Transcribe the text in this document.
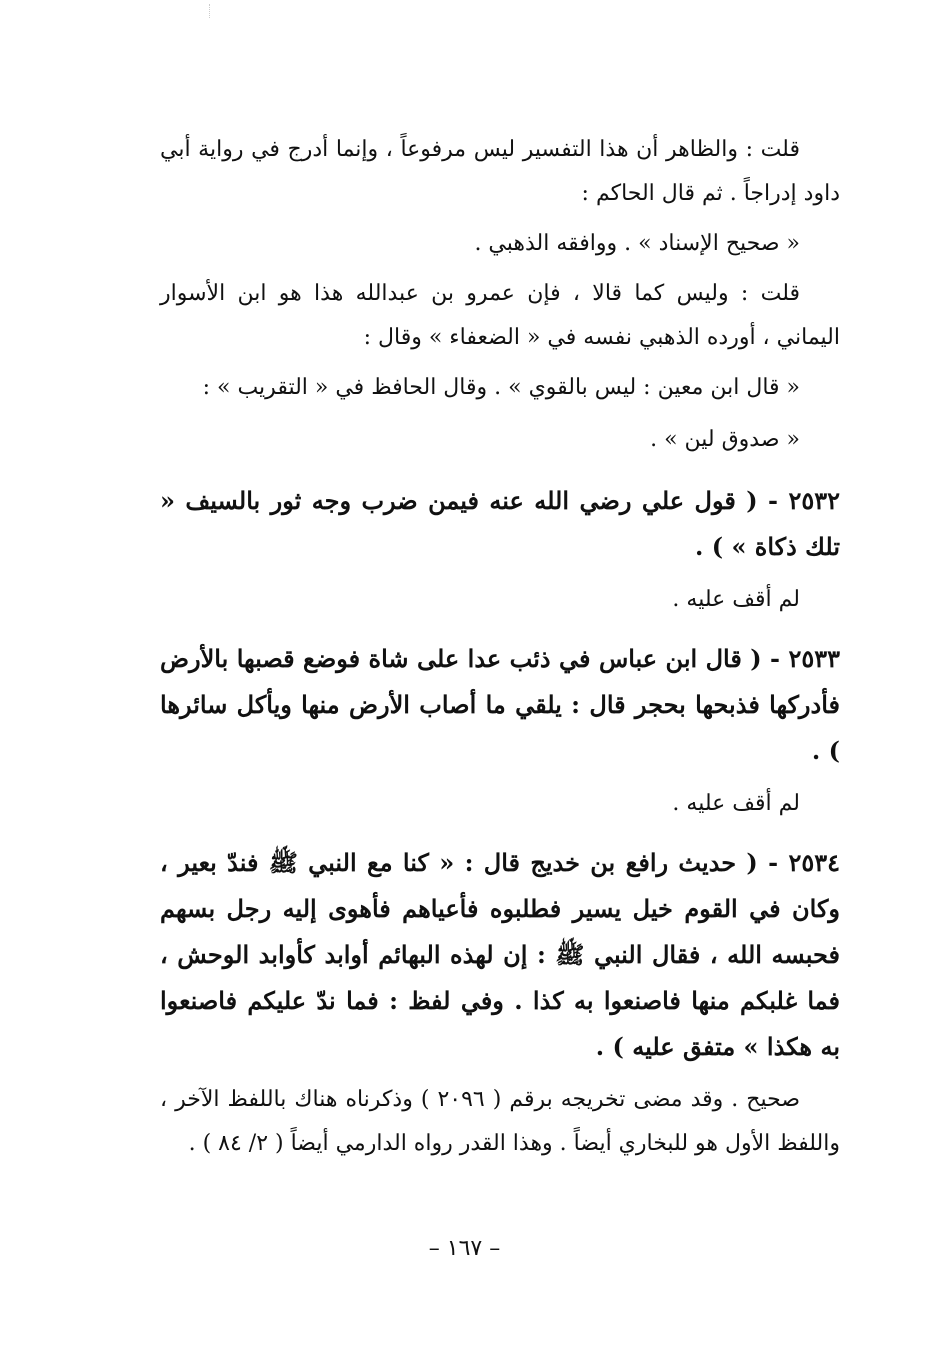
قلت : والظاهر أن هذا التفسير ليس مرفوعاً ، وإنما أدرج في رواية أبي داود إدراجاً . ثم قال الحاكم :
« صحيح الإسناد » . ووافقه الذهبي .
قلت : وليس كما قالا ، فإن عمرو بن عبدالله هذا هو ابن الأسوار اليماني ، أورده الذهبي نفسه في « الضعفاء » وقال :
« قال ابن معين : ليس بالقوي » . وقال الحافظ في « التقريب » :
« صدوق لين » .
٢٥٣٢ - ( قول علي رضي الله عنه فيمن ضرب وجه ثور بالسيف « تلك ذكاة » ) .
لم أقف عليه .
٢٥٣٣ - ( قال ابن عباس في ذئب عدا على شاة فوضع قصبها بالأرض فأدركها فذبحها بحجر قال : يلقي ما أصاب الأرض منها ويأكل سائرها ) .
لم أقف عليه .
٢٥٣٤ - ( حديث رافع بن خديج قال : « كنا مع النبي ﷺ فندّ بعير ، وكان في القوم خيل يسير فطلبوه فأعياهم فأهوى إليه رجل بسهم فحبسه الله ، فقال النبي ﷺ : إن لهذه البهائم أوابد كأوابد الوحش ، فما غلبكم منها فاصنعوا به كذا . وفي لفظ : فما ندّ عليكم فاصنعوا به هكذا » متفق عليه ) .
صحيح . وقد مضى تخريجه برقم ( ٢٠٩٦ ) وذكرناه هناك باللفظ الآخر ، واللفظ الأول هو للبخاري أيضاً . وهذا القدر رواه الدارمي أيضاً ( ٢/ ٨٤ ) .
– ١٦٧ –
